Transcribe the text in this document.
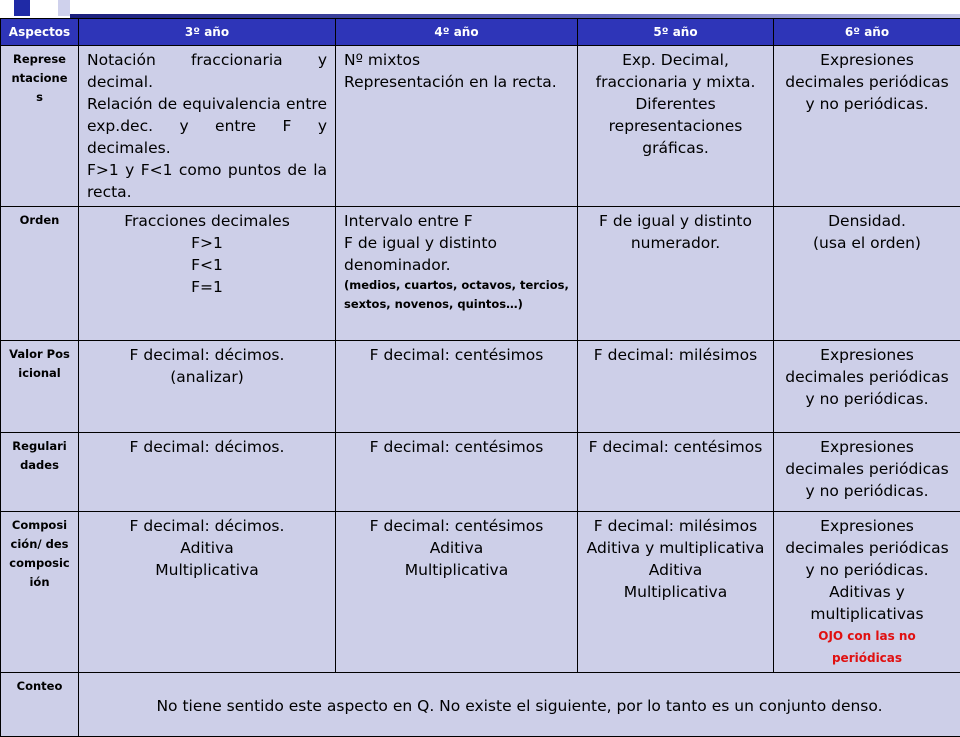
Aspectos	3º año	4º año	5º año	6º año

Representaciones	Notación fraccionaria y decimal.
Relación de equivalencia entre exp.dec. y entre F y decimales.
F>1 y F<1 como puntos de la recta.	Nº mixtos
Representación en la recta.	Exp. Decimal, fraccionaria y mixta.
Diferentes representaciones gráficas.	Expresiones decimales periódicas y no periódicas.

Orden	Fracciones decimales
F>1
F<1
F=1	Intervalo entre F
F de igual y distinto denominador.
(medios, cuartos, octavos, tercios, sextos, novenos, quintos…)	F de igual y distinto numerador.	Densidad.
(usa el orden)

Valor Posicional	F decimal: décimos.
(analizar)	F decimal: centésimos	F decimal: milésimos	Expresiones decimales periódicas y no periódicas.

Regularidades	F decimal: décimos.	F decimal: centésimos	F decimal: centésimos	Expresiones decimales periódicas y no periódicas.

Composición/ descomposición	F decimal: décimos.
Aditiva
Multiplicativa	F decimal: centésimos
Aditiva
Multiplicativa	F decimal: milésimos
Aditiva y multiplicativa
Aditiva
Multiplicativa	Expresiones decimales periódicas y no periódicas.
Aditivas y multiplicativas
OJO con las no periódicas

Conteo	No tiene sentido este aspecto en Q. No existe el siguiente, por lo tanto es un conjunto denso.			
